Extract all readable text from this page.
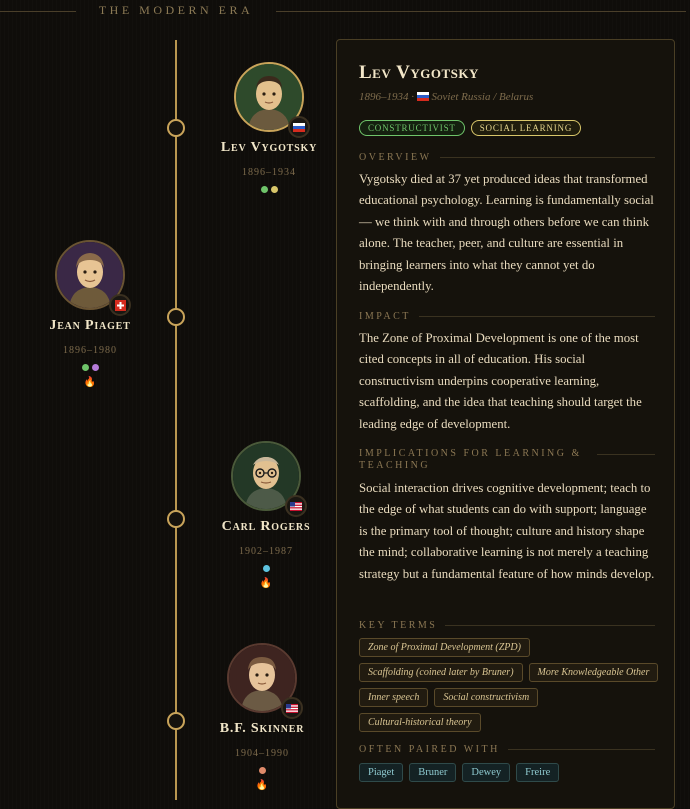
THE MODERN ERA
Lev Vygotsky
1896–1934
Jean Piaget
1896–1980
🔥
Carl Rogers
1902–1987
🔥
B.F. Skinner
1904–1990
🔥
Lev Vygotsky
1896–1934 · Soviet Russia / Belarus
CONSTRUCTIVIST	SOCIAL LEARNING
OVERVIEW
Vygotsky died at 37 yet produced ideas that transformed educational psychology. Learning is fundamentally social — we think with and through others before we can think alone. The teacher, peer, and culture are essential in bringing learners into what they cannot yet do independently.
IMPACT
The Zone of Proximal Development is one of the most cited concepts in all of education. His social constructivism underpins cooperative learning, scaffolding, and the idea that teaching should target the leading edge of development.
IMPLICATIONS FOR LEARNING & TEACHING
Social interaction drives cognitive development; teach to the edge of what students can do with support; language is the primary tool of thought; culture and history shape the mind; collaborative learning is not merely a teaching strategy but a fundamental feature of how minds develop.
KEY TERMS
Zone of Proximal Development (ZPD)
Scaffolding (coined later by Bruner)	More Knowledgeable Other
Inner speech	Social constructivism
Cultural-historical theory
OFTEN PAIRED WITH
Piaget	Bruner	Dewey	Freire
